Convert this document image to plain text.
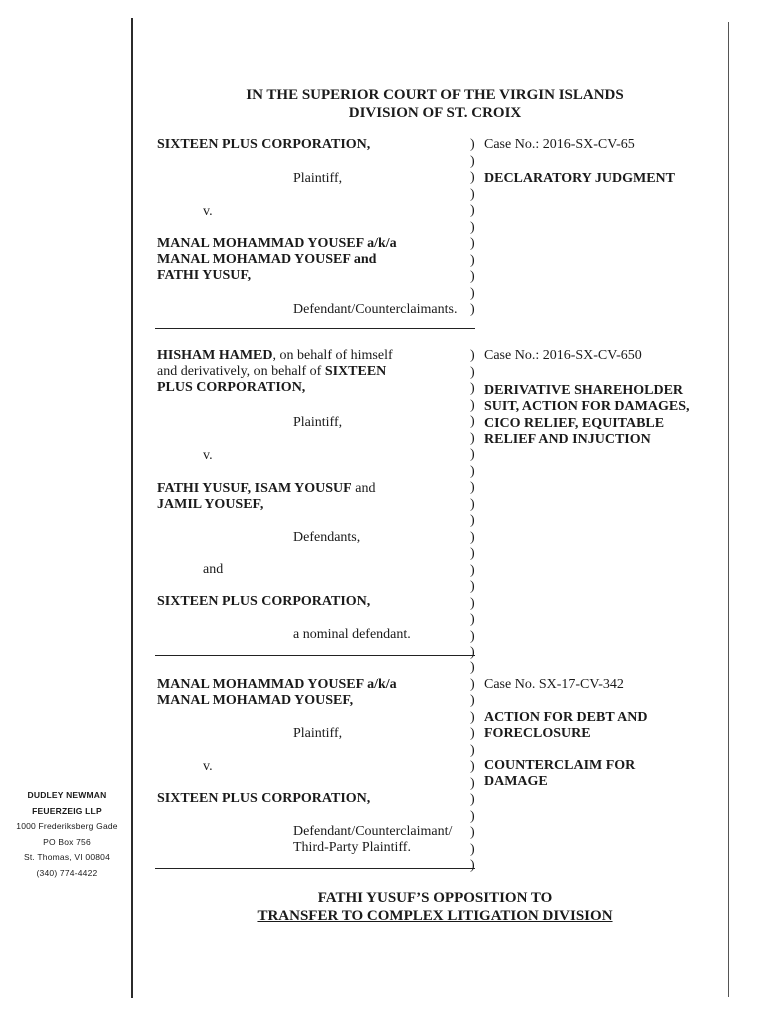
IN THE SUPERIOR COURT OF THE VIRGIN ISLANDS
DIVISION OF ST. CROIX
SIXTEEN PLUS CORPORATION,
Plaintiff,
v.
MANAL MOHAMMAD YOUSEF a/k/a
MANAL MOHAMAD YOUSEF and
FATHI YUSUF,
Defendant/Counterclaimants.
Case No.: 2016-SX-CV-65
DECLARATORY JUDGMENT
HISHAM HAMED, on behalf of himself
and derivatively, on behalf of SIXTEEN
PLUS CORPORATION,
Plaintiff,
v.
FATHI YUSUF, ISAM YOUSUF and
JAMIL YOUSEF,
Defendants,
and
SIXTEEN PLUS CORPORATION,
a nominal defendant.
Case No.: 2016-SX-CV-650
DERIVATIVE SHAREHOLDER
SUIT, ACTION FOR DAMAGES,
CICO RELIEF, EQUITABLE
RELIEF AND INJUCTION
MANAL MOHAMMAD YOUSEF a/k/a
MANAL MOHAMAD YOUSEF,
Plaintiff,
v.
SIXTEEN PLUS CORPORATION,
Defendant/Counterclaimant/
Third-Party Plaintiff.
Case No. SX-17-CV-342
ACTION FOR DEBT AND
FORECLOSURE
COUNTERCLAIM FOR
DAMAGE
)
)
)
)
)
)
)
)
)
)
)
)
)
)
)
)
)
)
)
)
)
)
)
)
)
)
)
)
)
)
)
)
)
)
)
)
)
)
)
)
)
)
)
DUDLEY NEWMAN
FEUERZEIG LLP
1000 Frederiksberg Gade
PO Box 756
St. Thomas, VI 00804
(340) 774-4422
FATHI YUSUF’S OPPOSITION TO
TRANSFER TO COMPLEX LITIGATION DIVISION
